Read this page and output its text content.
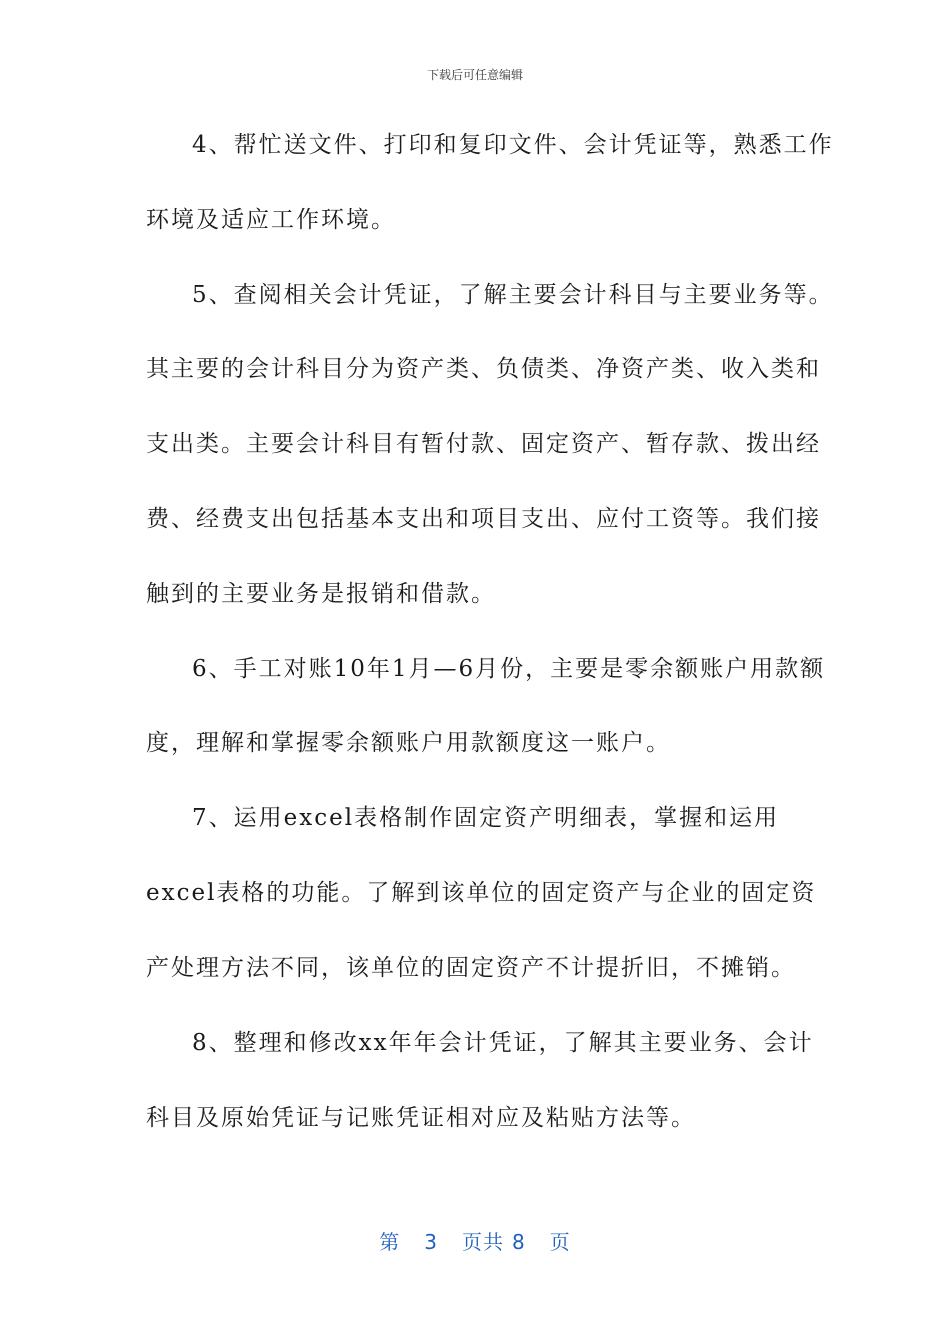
下载后可任意编辑
4、帮忙送文件、打印和复印文件、会计凭证等，熟悉工作
环境及适应工作环境。
5、查阅相关会计凭证，了解主要会计科目与主要业务等。
其主要的会计科目分为资产类、负债类、净资产类、收入类和
支出类。主要会计科目有暂付款、固定资产、暂存款、拨出经
费、经费支出包括基本支出和项目支出、应付工资等。我们接
触到的主要业务是报销和借款。
6、手工对账10年1月—6月份，主要是零余额账户用款额
度，理解和掌握零余额账户用款额度这一账户。
7、运用excel表格制作固定资产明细表，掌握和运用
excel表格的功能。了解到该单位的固定资产与企业的固定资
产处理方法不同，该单位的固定资产不计提折旧，不摊销。
8、整理和修改xx年年会计凭证，了解其主要业务、会计
科目及原始凭证与记账凭证相对应及粘贴方法等。
第 3 页共 8 页
